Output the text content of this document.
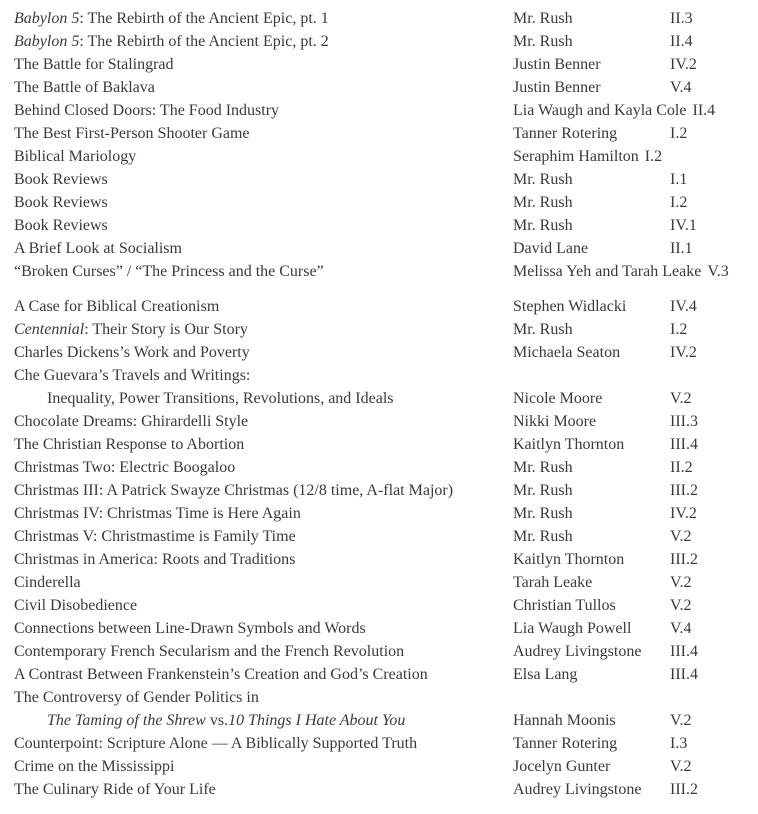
Babylon 5: The Rebirth of the Ancient Epic, pt. 1	Mr. Rush	II.3
Babylon 5: The Rebirth of the Ancient Epic, pt. 2	Mr. Rush	II.4
The Battle for Stalingrad	Justin Benner	IV.2
The Battle of Baklava	Justin Benner	V.4
Behind Closed Doors: The Food Industry	Lia Waugh and Kayla Cole II.4
The Best First-Person Shooter Game	Tanner Rotering	I.2
Biblical Mariology	Seraphim Hamilton I.2
Book Reviews	Mr. Rush	I.1
Book Reviews	Mr. Rush	I.2
Book Reviews	Mr. Rush	IV.1
A Brief Look at Socialism	David Lane	II.1
“Broken Curses” / “The Princess and the Curse”	Melissa Yeh and Tarah Leake V.3
A Case for Biblical Creationism	Stephen Widlacki	IV.4
Centennial: Their Story is Our Story	Mr. Rush	I.2
Charles Dickens’s Work and Poverty	Michaela Seaton	IV.2
Che Guevara’s Travels and Writings:
Inequality, Power Transitions, Revolutions, and Ideals	Nicole Moore	V.2
Chocolate Dreams: Ghirardelli Style	Nikki Moore	III.3
The Christian Response to Abortion	Kaitlyn Thornton	III.4
Christmas Two: Electric Boogaloo	Mr. Rush	II.2
Christmas III: A Patrick Swayze Christmas (12/8 time, A-flat Major)	Mr. Rush	III.2
Christmas IV: Christmas Time is Here Again	Mr. Rush	IV.2
Christmas V: Christmastime is Family Time	Mr. Rush	V.2
Christmas in America: Roots and Traditions	Kaitlyn Thornton	III.2
Cinderella	Tarah Leake	V.2
Civil Disobedience	Christian Tullos	V.2
Connections between Line-Drawn Symbols and Words	Lia Waugh Powell	V.4
Contemporary French Secularism and the French Revolution	Audrey Livingstone	III.4
A Contrast Between Frankenstein’s Creation and God’s Creation	Elsa Lang	III.4
The Controversy of Gender Politics in
The Taming of the Shrew vs.10 Things I Hate About You	Hannah Moonis	V.2
Counterpoint: Scripture Alone — A Biblically Supported Truth	Tanner Rotering	I.3
Crime on the Mississippi	Jocelyn Gunter	V.2
The Culinary Ride of Your Life	Audrey Livingstone	III.2
